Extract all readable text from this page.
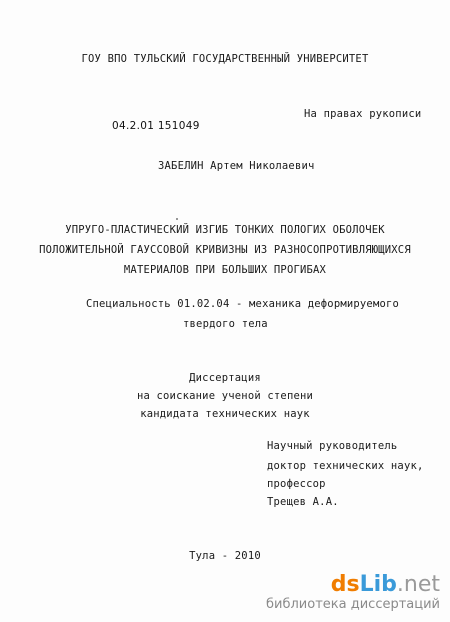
ГОУ ВПО ТУЛЬСКИЙ ГОСУДАРСТВЕННЫЙ УНИВЕРСИТЕТ
На правах рукописи
04.2.01 151049
ЗАБЕЛИН Артем Николаевич
УПРУГО-ПЛАСТИЧЕСКИЙ ИЗГИБ ТОНКИХ ПОЛОГИХ ОБОЛОЧЕК
ПОЛОЖИТЕЛЬНОЙ ГАУССОВОЙ КРИВИЗНЫ ИЗ РАЗНОСОПРОТИВЛЯЮЩИХСЯ
МАТЕРИАЛОВ ПРИ БОЛЬШИХ ПРОГИБАХ
Специальность 01.02.04 - механика деформируемого
твердого тела
Диссертация
на соискание ученой степени
кандидата технических наук
Научный руководитель
доктор технических наук,
профессор
Трещев А.А.
Тула - 2010
dsLib.net
библиотека диссертаций
